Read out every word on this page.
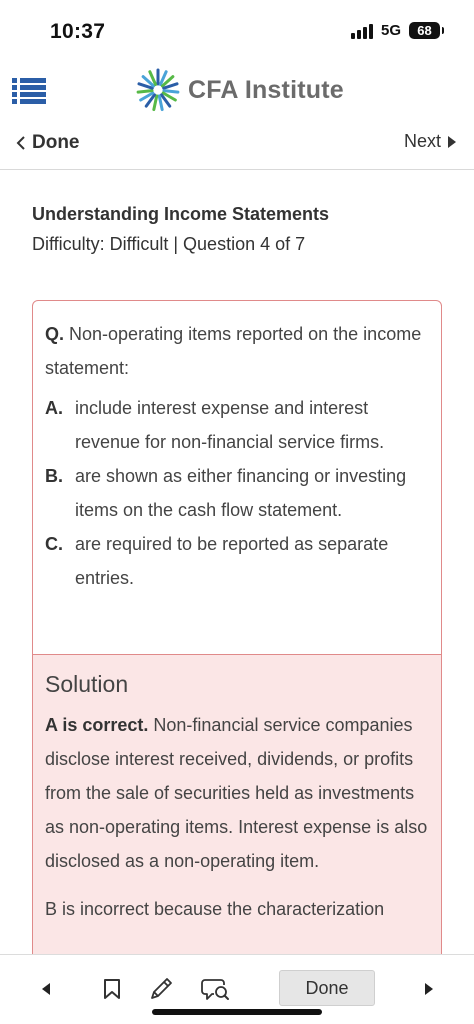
10:37	5G 68
CFA Institute
Done	Next
Understanding Income Statements
Difficulty: Difficult | Question 4 of 7
Q. Non-operating items reported on the income statement:
A. include interest expense and interest revenue for non-financial service firms.
B. are shown as either financing or investing items on the cash flow statement.
C. are required to be reported as separate entries.
Solution
A is correct. Non-financial service companies disclose interest received, dividends, or profits from the sale of securities held as investments as non-operating items. Interest expense is also disclosed as a non-operating item.
B is incorrect because the characterization
Done
